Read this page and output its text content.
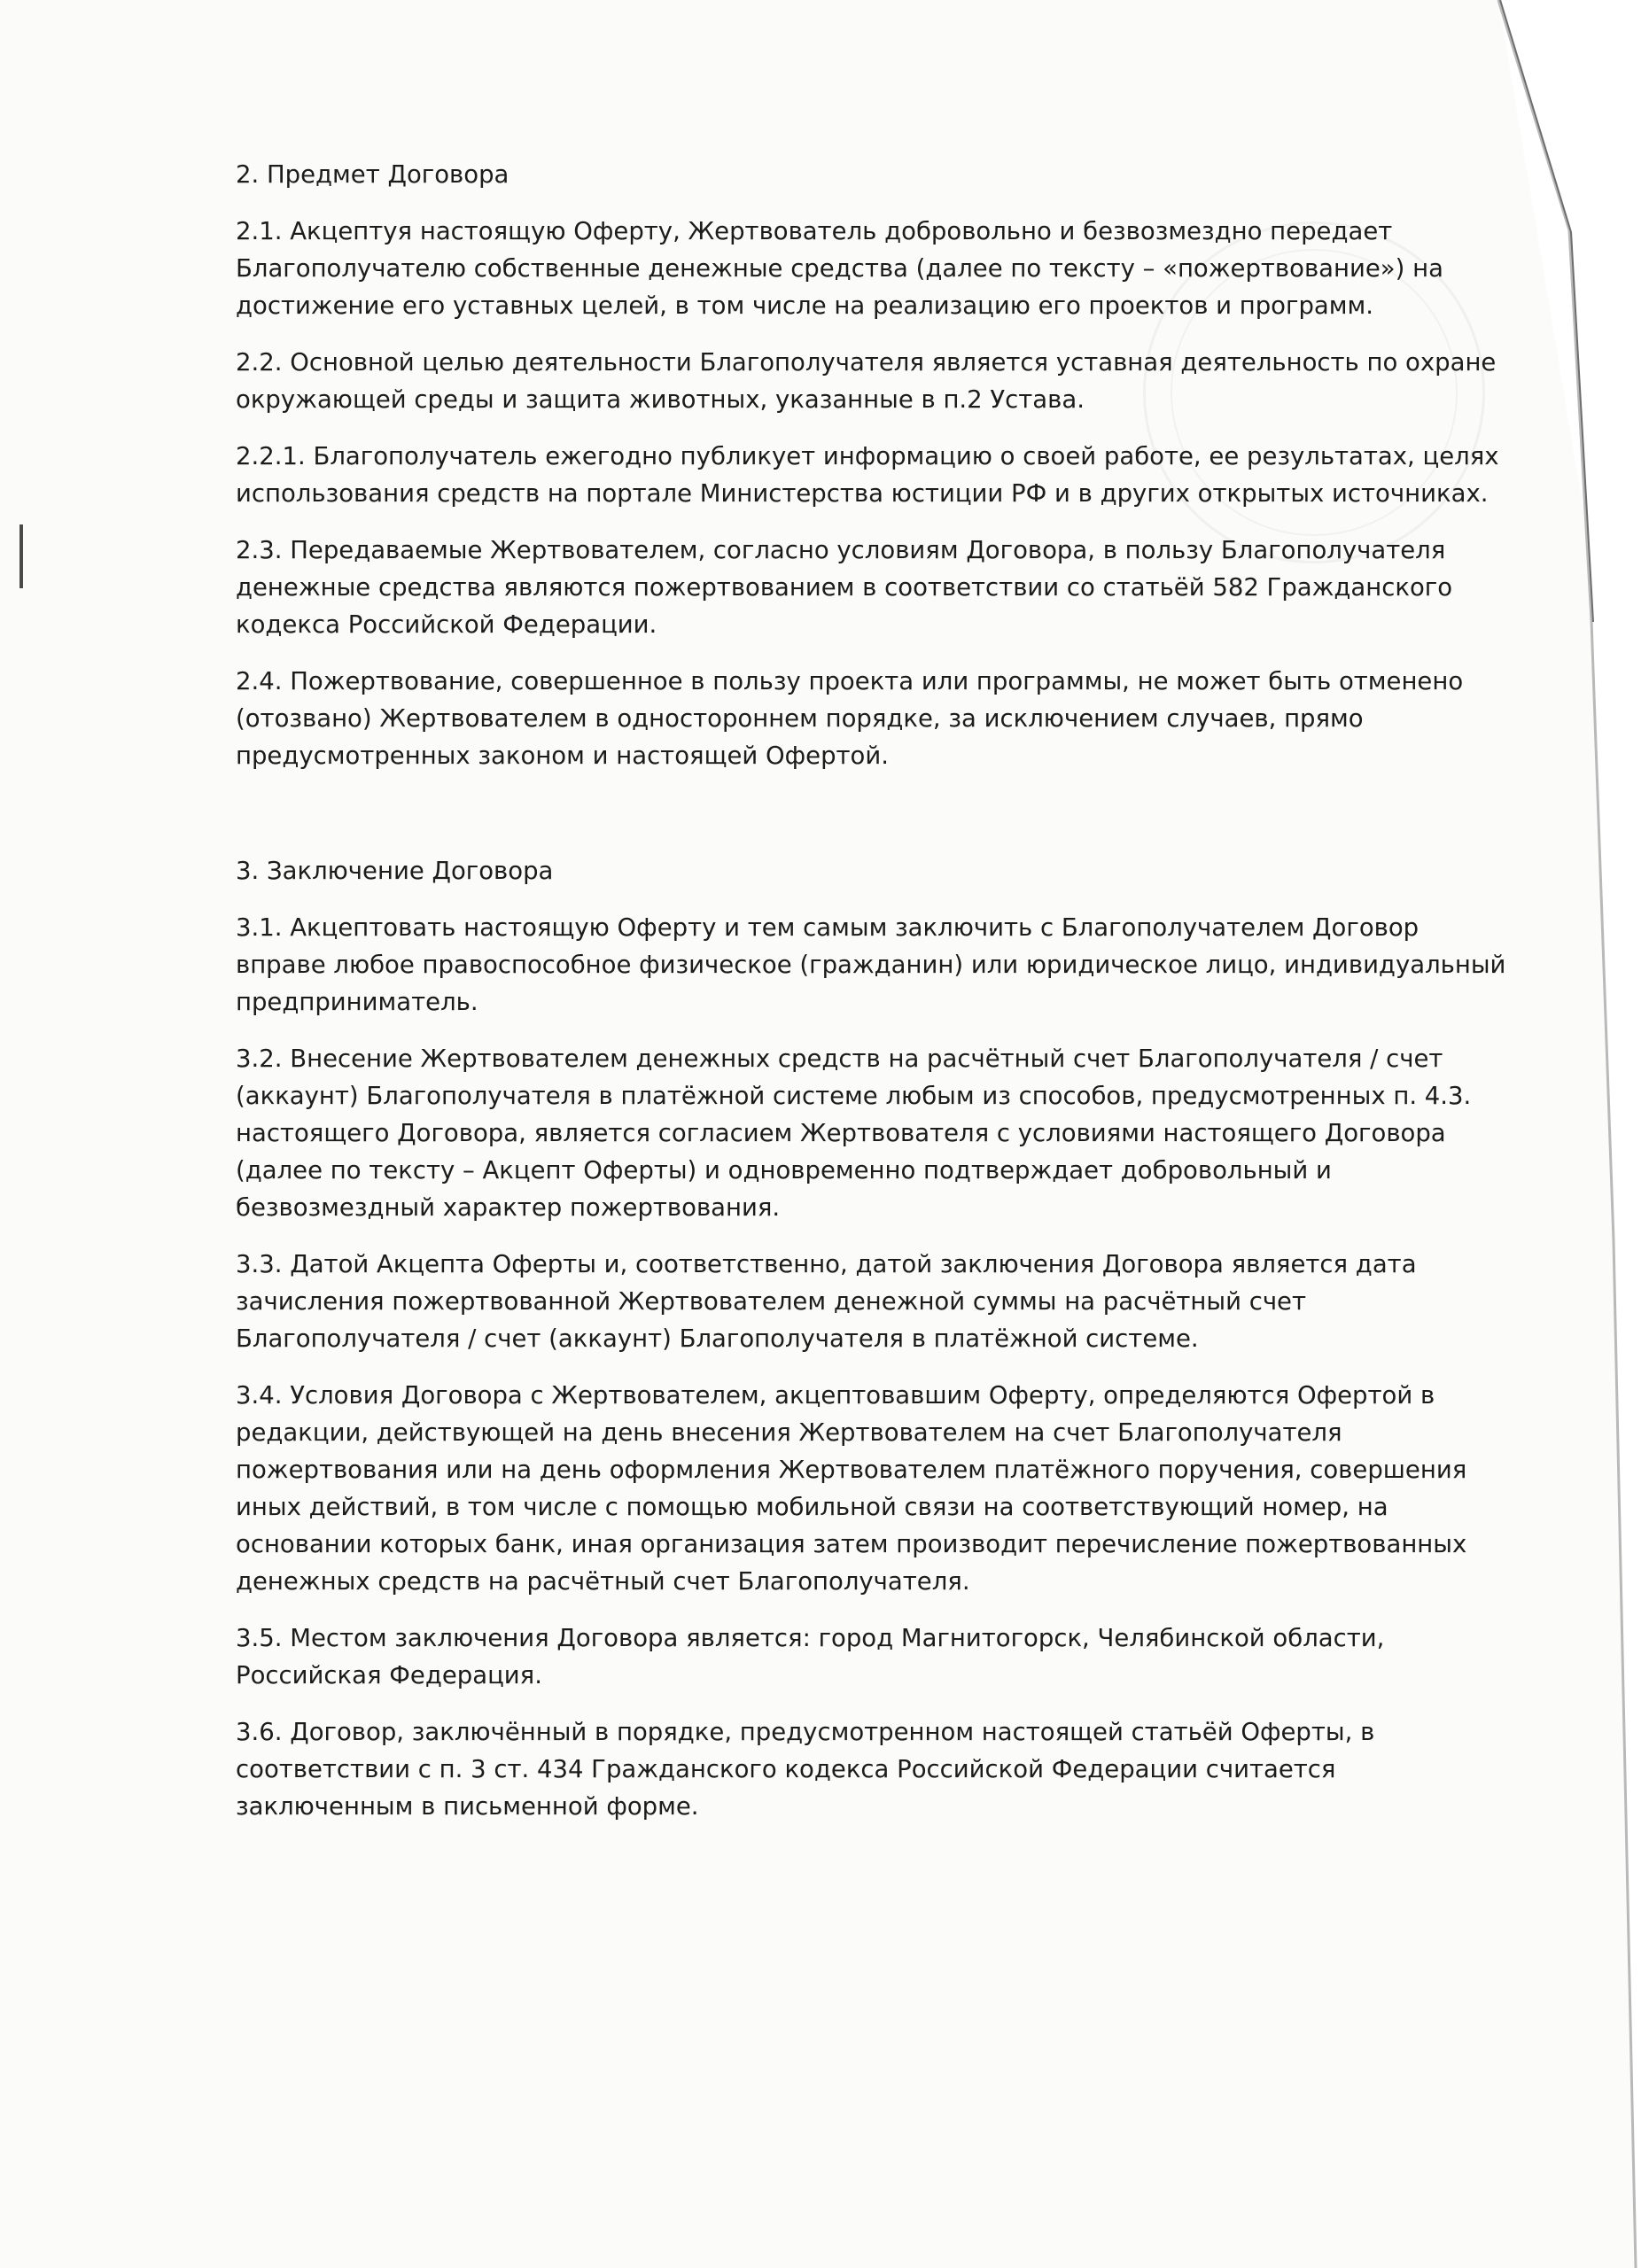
2. Предмет Договора
2.1. Акцептуя настоящую Оферту, Жертвователь добровольно и безвозмездно передает Благополучателю собственные денежные средства (далее по тексту – «пожертвование») на достижение его уставных целей, в том числе на реализацию его проектов и программ.
2.2. Основной целью деятельности Благополучателя является уставная деятельность по охране окружающей среды и защита животных, указанные в п.2 Устава.
2.2.1. Благополучатель ежегодно публикует информацию о своей работе, ее результатах, целях использования средств на портале Министерства юстиции РФ и в других открытых источниках.
2.3. Передаваемые Жертвователем, согласно условиям Договора, в пользу Благополучателя денежные средства являются пожертвованием в соответствии со статьёй 582 Гражданского кодекса Российской Федерации.
2.4. Пожертвование, совершенное в пользу проекта или программы, не может быть отменено (отозвано) Жертвователем в одностороннем порядке, за исключением случаев, прямо предусмотренных законом и настоящей Офертой.
3. Заключение Договора
3.1. Акцептовать настоящую Оферту и тем самым заключить с Благополучателем Договор вправе любое правоспособное физическое (гражданин) или юридическое лицо, индивидуальный предприниматель.
3.2. Внесение Жертвователем денежных средств на расчётный счет Благополучателя / счет (аккаунт) Благополучателя в платёжной системе любым из способов, предусмотренных п. 4.3. настоящего Договора, является согласием Жертвователя с условиями настоящего Договора (далее по тексту – Акцепт Оферты) и одновременно подтверждает добровольный и безвозмездный характер пожертвования.
3.3. Датой Акцепта Оферты и, соответственно, датой заключения Договора является дата зачисления пожертвованной Жертвователем денежной суммы на расчётный счет Благополучателя / счет (аккаунт) Благополучателя в платёжной системе.
3.4. Условия Договора с Жертвователем, акцептовавшим Оферту, определяются Офертой в редакции, действующей на день внесения Жертвователем на счет Благополучателя пожертвования или на день оформления Жертвователем платёжного поручения, совершения иных действий, в том числе с помощью мобильной связи на соответствующий номер, на основании которых банк, иная организация затем производит перечисление пожертвованных денежных средств на расчётный счет Благополучателя.
3.5. Местом заключения Договора является: город Магнитогорск, Челябинской области, Российская Федерация.
3.6. Договор, заключённый в порядке, предусмотренном настоящей статьёй Оферты, в соответствии с п. 3 ст. 434 Гражданского кодекса Российской Федерации считается заключенным в письменной форме.
